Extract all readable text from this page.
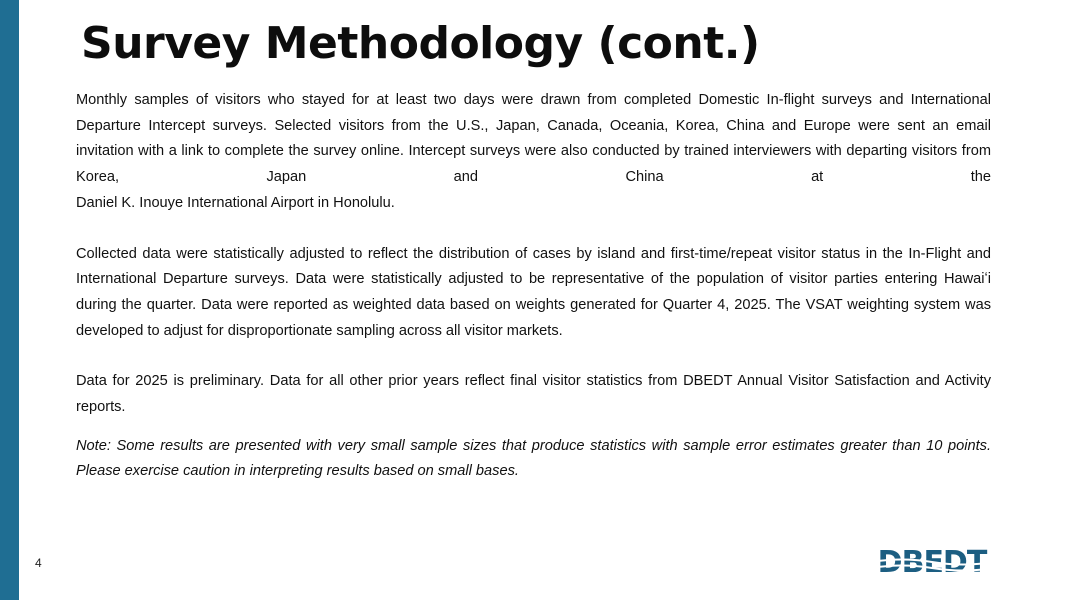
Survey Methodology (cont.)

Monthly samples of visitors who stayed for at least two days were drawn from completed Domestic In-flight surveys and International Departure Intercept surveys. Selected visitors from the U.S., Japan, Canada, Oceania, Korea, China and Europe were sent an email invitation with a link to complete the survey online. Intercept surveys were also conducted by trained interviewers with departing visitors from Korea, Japan and China at the

Daniel K. Inouye International Airport in Honolulu.

Collected data were statistically adjusted to reflect the distribution of cases by island and first-time/repeat visitor status in the In-Flight and International Departure surveys. Data were statistically adjusted to be representative of the population of visitor parties entering Hawaiʻi during the quarter. Data were reported as weighted data based on weights generated for Quarter 4, 2025. The VSAT weighting system was developed to adjust for disproportionate sampling across all visitor markets.

Data for 2025 is preliminary. Data for all other prior years reflect final visitor statistics from DBEDT Annual Visitor Satisfaction and Activity reports.

Note: Some results are presented with very small sample sizes that produce statistics with sample error estimates greater than 10 points. Please exercise caution in interpreting results based on small bases.

4	DBEDT
